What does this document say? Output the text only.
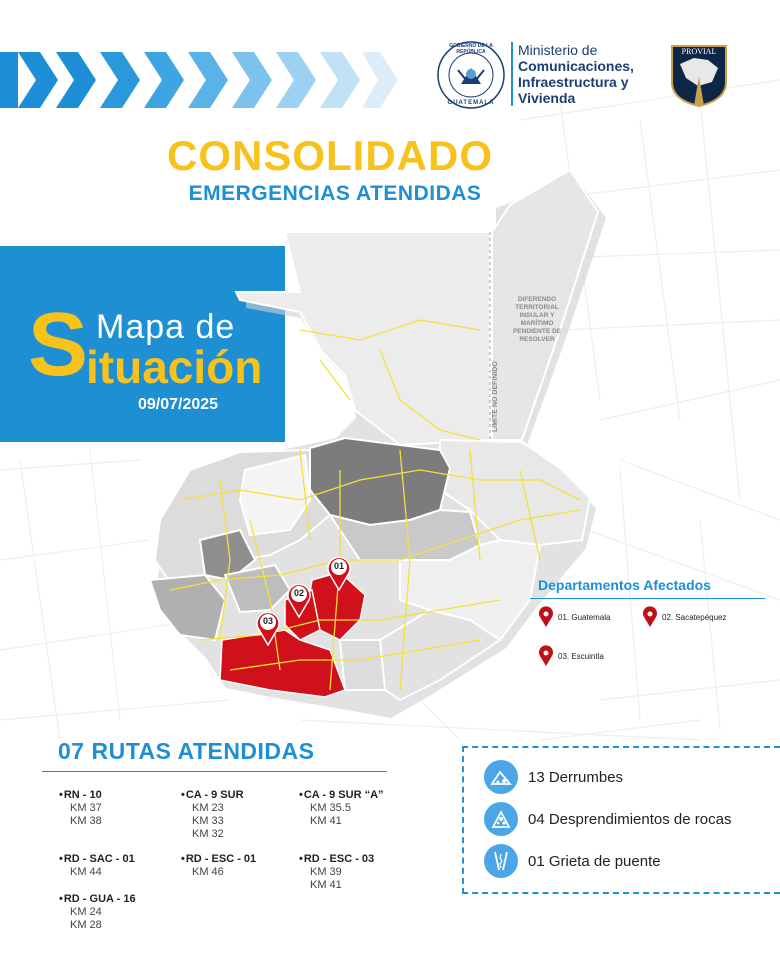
GOBIERNO DE LA REPÚBLICA
GUATEMALA
Ministerio de
Comunicaciones,
Infraestructura y
Vivienda
PROVIAL
CONSOLIDADO
EMERGENCIAS ATENDIDAS
DIFERENDO TERRITORIAL INSULAR Y MARÍTIMO PENDIENTE DE RESOLVER
LIMITE NO DEFINIDO
01
02
03
Mapa de
S
ituación
09/07/2025
Departamentos Afectados
01. Guatemala	02. Sacatepéquez
03. Escuintla
07 RUTAS ATENDIDAS
• RN - 10
KM 37
KM 38
• CA - 9 SUR
KM 23
KM 33
KM 32
• CA - 9 SUR “A”
KM 35.5
KM 41
• RD - SAC - 01
KM 44
• RD - ESC - 01
KM 46
• RD - ESC - 03
KM 39
KM 41
• RD - GUA - 16
KM 24
KM 28
13 Derrumbes
04 Desprendimientos de rocas
01 Grieta de puente
